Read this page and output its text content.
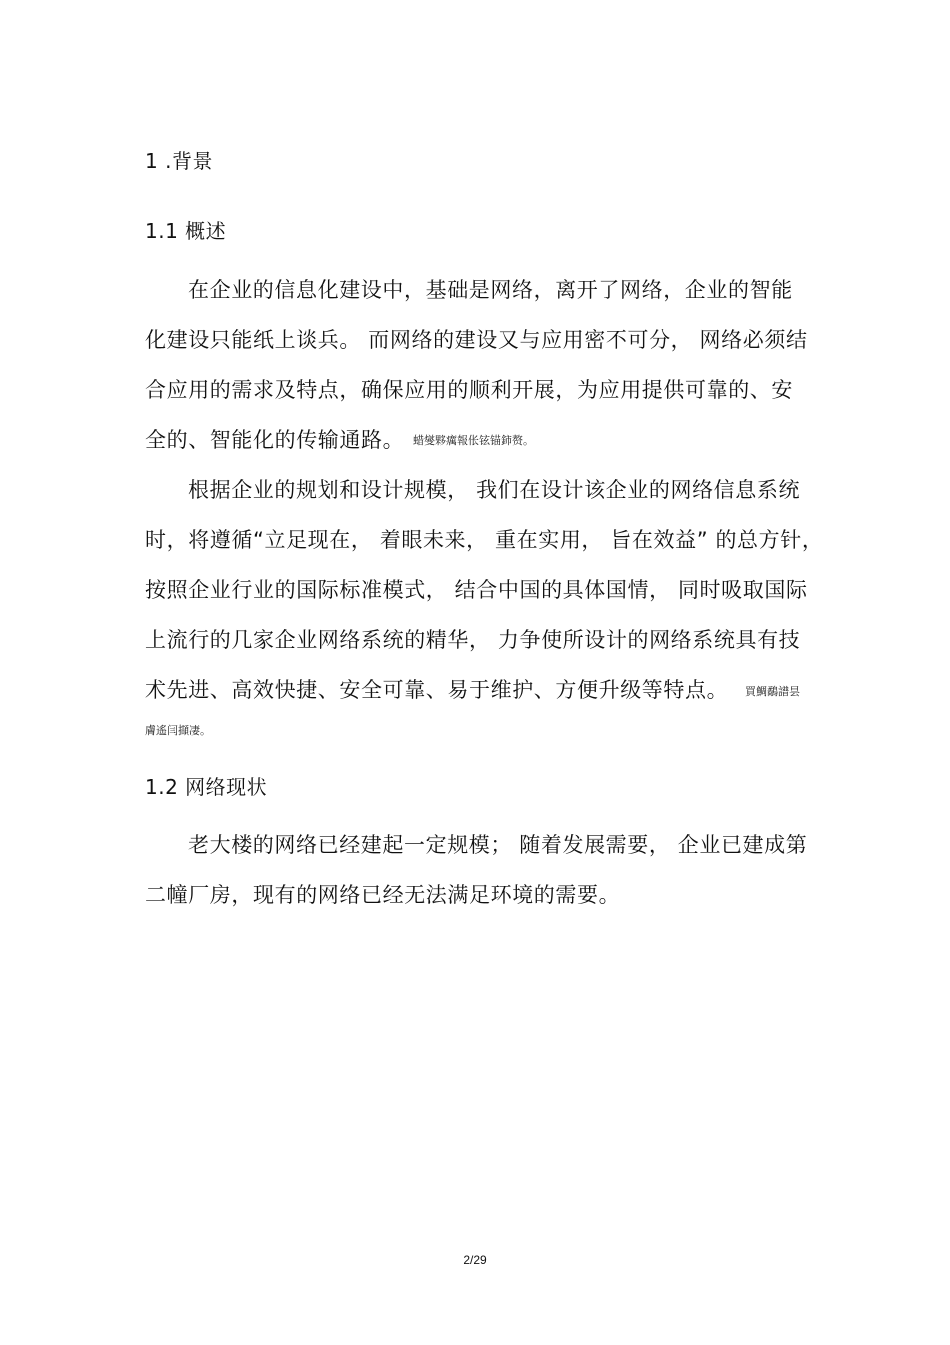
1 .背景
1.1 概述
在企业的信息化建设中，基础是网络，离开了网络，企业的智能
化建设只能纸上谈兵。 而网络的建设又与应用密不可分， 网络必须结
合应用的需求及特点，确保应用的顺利开展，为应用提供可靠的、安
全的、智能化的传输通路。 蜡燮夥癘報伥铉锚鈰赘。
根据企业的规划和设计规模， 我们在设计该企业的网络信息系统
时，将遵循“立足现在， 着眼未来， 重在实用， 旨在效益” 的总方针，
按照企业行业的国际标准模式， 结合中国的具体国情， 同时吸取国际
上流行的几家企业网络系统的精华， 力争使所设计的网络系统具有技
术先进、高效快捷、安全可靠、易于维护、方便升级等特点。 買鯛鷸譜昙
膚遙闫擷凄。
1.2 网络现状
老大楼的网络已经建起一定规模； 随着发展需要， 企业已建成第
二幢厂房，现有的网络已经无法满足环境的需要。
2/29
